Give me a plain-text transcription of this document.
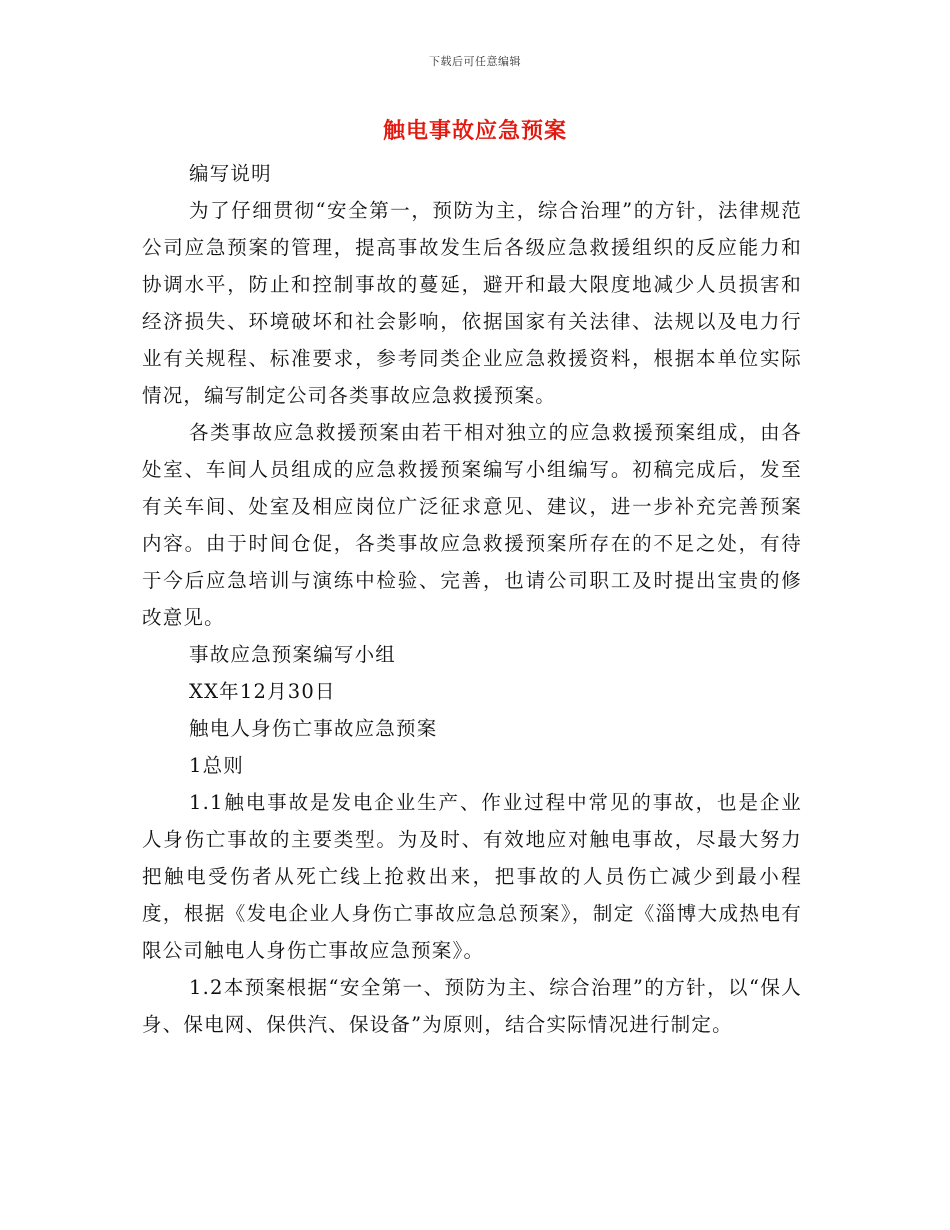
下载后可任意编辑
触电事故应急预案

编写说明

为了仔细贯彻“安全第一，预防为主，综合治理”的方针，法律规范公司应急预案的管理，提高事故发生后各级应急救援组织的反应能力和协调水平，防止和控制事故的蔓延，避开和最大限度地减少人员损害和经济损失、环境破坏和社会影响，依据国家有关法律、法规以及电力行业有关规程、标准要求，参考同类企业应急救援资料，根据本单位实际情况，编写制定公司各类事故应急救援预案。

各类事故应急救援预案由若干相对独立的应急救援预案组成，由各处室、车间人员组成的应急救援预案编写小组编写。初稿完成后，发至有关车间、处室及相应岗位广泛征求意见、建议，进一步补充完善预案内容。由于时间仓促，各类事故应急救援预案所存在的不足之处，有待于今后应急培训与演练中检验、完善，也请公司职工及时提出宝贵的修改意见。

事故应急预案编写小组

XX年12月30日

触电人身伤亡事故应急预案

1总则

1.1触电事故是发电企业生产、作业过程中常见的事故，也是企业人身伤亡事故的主要类型。为及时、有效地应对触电事故，尽最大努力把触电受伤者从死亡线上抢救出来，把事故的人员伤亡减少到最小程度，根据《发电企业人身伤亡事故应急总预案》，制定《淄博大成热电有限公司触电人身伤亡事故应急预案》。

1.2本预案根据“安全第一、预防为主、综合治理”的方针，以“保人身、保电网、保供汽、保设备”为原则，结合实际情况进行制定。
